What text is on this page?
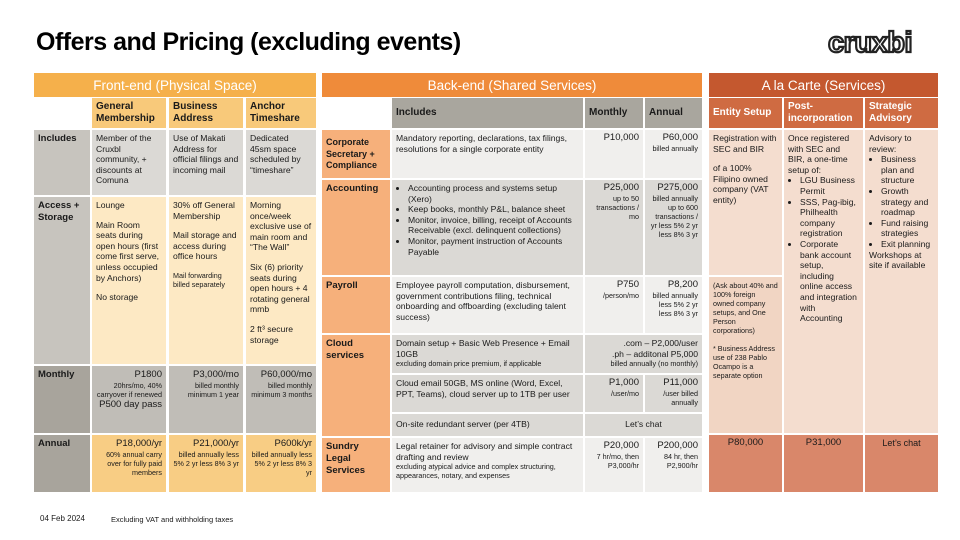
Offers and Pricing (excluding events)	cruxbi
Front-end (Physical Space)	Back-end (Shared Services)	A la Carte (Services)
General Membership
Business Address
Anchor Timeshare
Includes	Member of the Cruxbl community, + discounts at Comuna
Use of Makati Address for official filings and incoming mail
Dedicated 45sm space scheduled by “timeshare”
Access + Storage

Lounge

Main Room seats during open hours (first come first serve, unless occupied by Anchors)

No storage

30% off General Membership

Mail storage and access during office hours

Mail forwarding billed separately

Morning once/week exclusive use of main room and “The Wall”

Six (6) priority seats during open hours + 4 rotating general mmb

2 ft³ secure storage

Monthly	P1800
20hrs/mo, 40% carryover if renewed
P500 day pass
P3,000/mo
billed monthly minimum 1 year
P60,000/mo
billed monthly minimum 3 months
Annual	P18,000/yr
60% annual carry over for fully paid members
P21,000/yr
billed annually less 5% 2 yr less 8% 3 yr
P600k/yr
billed annually less 5% 2 yr less 8% 3 yr
Includes	Monthly	Annual
Corporate Secretary + Compliance
Mandatory reporting, declarations, tax filings, resolutions for a single corporate entity
P10,000	P60,000
billed annually
Accounting
•	Accounting process and systems setup (Xero)
• Keep books, monthly P&L, balance sheet
• Monitor, invoice, billing, receipt of Accounts Receivable (excl. delinquent collections)
• Monitor, payment instruction of Accounts Payable
P25,000
up to 50 transactions / mo
P275,000
billed annually up to 600 transactions / yr less 5% 2 yr less 8% 3 yr
Payroll	Employee payroll computation, disbursement, government contributions filing, technical onboarding and offboarding (excluding talent success)
P750
/person/mo
P8,200
billed annually less 5% 2 yr less 8% 3 yr
Cloud services
Domain setup + Basic Web Presence + Email 10GB
excluding domain price premium, if applicable
.com – P2,000/user
.ph – additonal P5,000
billed annually (no monthly)
Cloud email 50GB, MS online (Word, Excel, PPT, Teams), cloud server up to 1TB per user
P1,000
/user/mo
P11,000
/user billed annually
On-site redundant server (per 4TB)	Let’s chat
Sundry Legal Services
Legal retainer for advisory and simple contract drafting and review
excluding atypical advice and complex structuring, appearances, notary, and expenses
P20,000
7 hr/mo, then P3,000/hr
P200,000
84 hr, then P2,900/hr
Entity Setup
Post-incorporation
Strategic Advisory

Registration with SEC and BIR

of a 100% Filipino owned company (VAT entity)

(Ask about 40% and 100% foreign owned company setups, and One Person corporations)

* Business Address use of 238 Pablo Ocampo is a separate option

P80,000
Once registered with SEC and BIR, a one-time setup of:
• LGU Business Permit
• SSS, Pag-ibig, Philhealth company registration
• Corporate bank account setup, including online access and integration with Accounting
P31,000
Advisory to review:
• Business plan and structure
• Growth strategy and roadmap
• Fund raising strategies
• Exit planning
Workshops at site if available
Let’s chat
04 Feb 2024	Excluding VAT and withholding taxes
